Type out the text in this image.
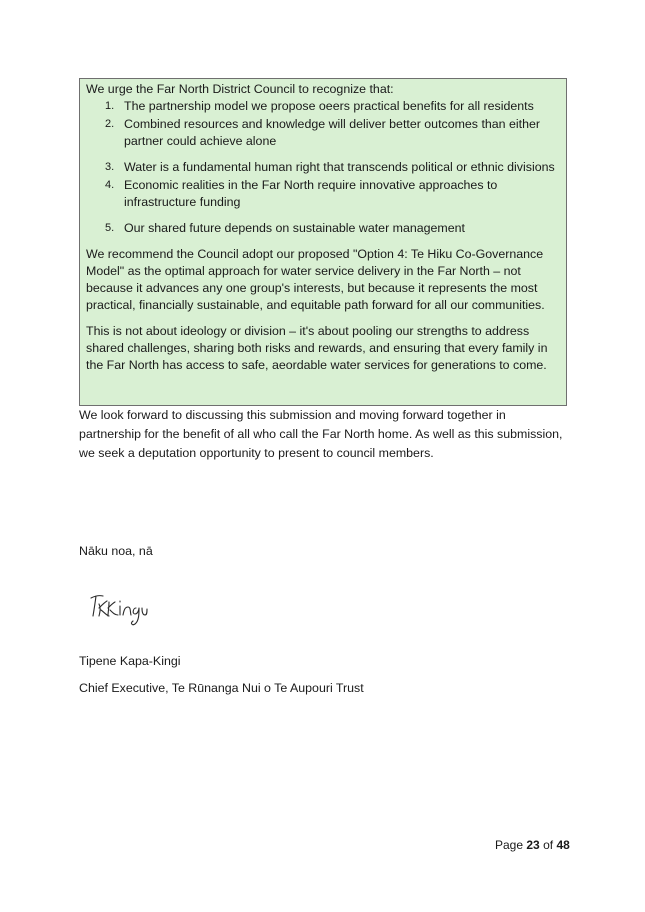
We urge the Far North District Council to recognize that:

1. The partnership model we propose oeers practical benefits for all residents
2. Combined resources and knowledge will deliver better outcomes than either partner could achieve alone
3. Water is a fundamental human right that transcends political or ethnic divisions
4. Economic realities in the Far North require innovative approaches to infrastructure funding
5. Our shared future depends on sustainable water management

We recommend the Council adopt our proposed "Option 4: Te Hiku Co-Governance Model" as the optimal approach for water service delivery in the Far North – not because it advances any one group's interests, but because it represents the most practical, financially sustainable, and equitable path forward for all our communities.

This is not about ideology or division – it's about pooling our strengths to address shared challenges, sharing both risks and rewards, and ensuring that every family in the Far North has access to safe, aeordable water services for generations to come.

We look forward to discussing this submission and moving forward together in partnership for the benefit of all who call the Far North home. As well as this submission, we seek a deputation opportunity to present to council members.

Nāku noa, nā
Tipene Kapa-Kingi
Chief Executive, Te Rūnanga Nui o Te Aupouri Trust
Page 23 of 48
